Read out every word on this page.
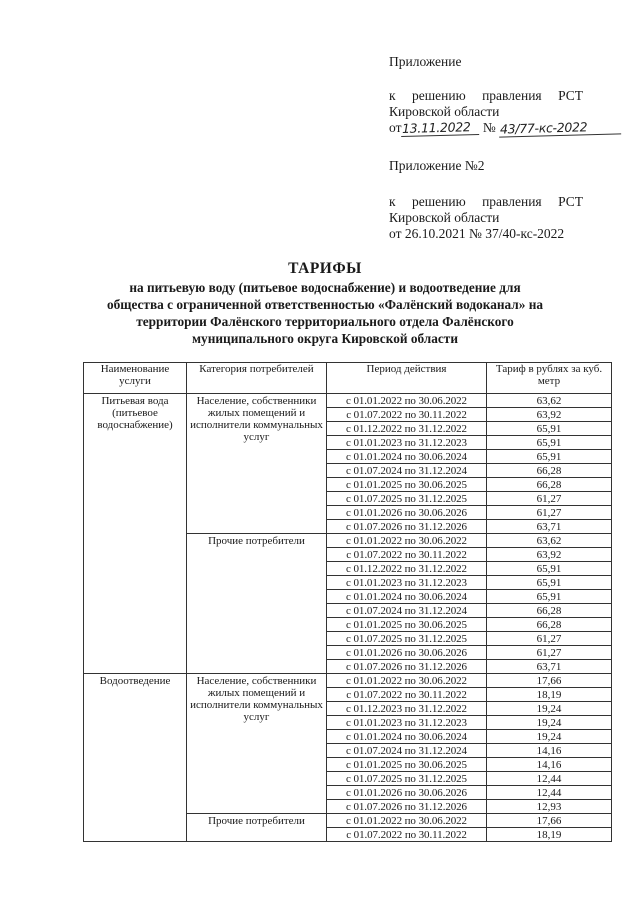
Приложение
к решению правления РСТ
Кировской области
от13.11.2022 № 43/77-кс-2022
Приложение №2
к решению правления РСТ
Кировской области
от 26.10.2021 № 37/40-кс-2022
ТАРИФЫ
на питьевую воду (питьевое водоснабжение) и водоотведение для
общества с ограниченной ответственностью «Фалёнский водоканал» на
территории Фалёнского территориального отдела Фалёнского
муниципального округа Кировской области
Наименование услуги	Категория потребителей	Период действия	Тариф в рублях за куб. метр
Питьевая вода (питьевое водоснабжение)	Население, собственники жилых помещений и исполнители коммунальных услуг	с 01.01.2022 по 30.06.2022	63,62
		с 01.07.2022 по 30.11.2022	63,92
		с 01.12.2022 по 31.12.2022	65,91
		с 01.01.2023 по 31.12.2023	65,91
		с 01.01.2024 по 30.06.2024	65,91
		с 01.07.2024 по 31.12.2024	66,28
		с 01.01.2025 по 30.06.2025	66,28
		с 01.07.2025 по 31.12.2025	61,27
		с 01.01.2026 по 30.06.2026	61,27
		с 01.07.2026 по 31.12.2026	63,71
	Прочие потребители	с 01.01.2022 по 30.06.2022	63,62
		с 01.07.2022 по 30.11.2022	63,92
		с 01.12.2022 по 31.12.2022	65,91
		с 01.01.2023 по 31.12.2023	65,91
		с 01.01.2024 по 30.06.2024	65,91
		с 01.07.2024 по 31.12.2024	66,28
		с 01.01.2025 по 30.06.2025	66,28
		с 01.07.2025 по 31.12.2025	61,27
		с 01.01.2026 по 30.06.2026	61,27
		с 01.07.2026 по 31.12.2026	63,71
Водоотведение	Население, собственники жилых помещений и исполнители коммунальных услуг	с 01.01.2022 по 30.06.2022	17,66
		с 01.07.2022 по 30.11.2022	18,19
		с 01.12.2023 по 31.12.2022	19,24
		с 01.01.2023 по 31.12.2023	19,24
		с 01.01.2024 по 30.06.2024	19,24
		с 01.07.2024 по 31.12.2024	14,16
		с 01.01.2025 по 30.06.2025	14,16
		с 01.07.2025 по 31.12.2025	12,44
		с 01.01.2026 по 30.06.2026	12,44
		с 01.07.2026 по 31.12.2026	12,93
	Прочие потребители	с 01.01.2022 по 30.06.2022	17,66
		с 01.07.2022 по 30.11.2022	18,19
